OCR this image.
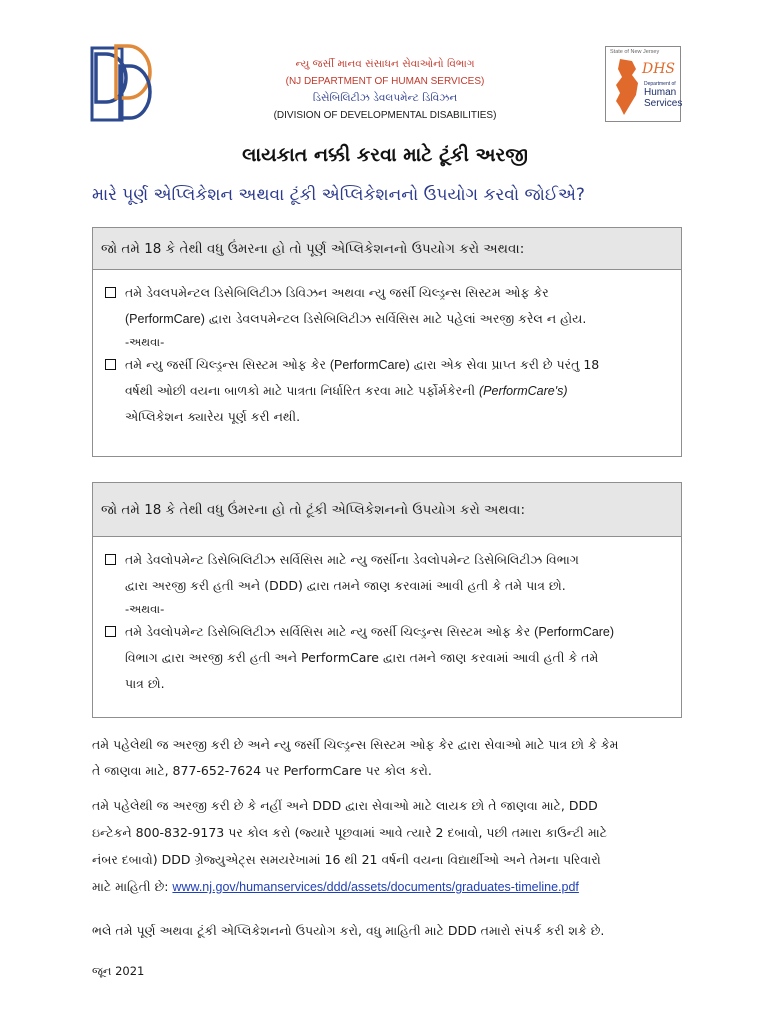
ન્યુ જર્સી માનવ સંસાધન સેવાઓનો વિભાગ
(NJ DEPARTMENT OF HUMAN SERVICES)
ડિસેબિલિટીઝ ડેવલપમેન્ટ ડિવિઝન
(DIVISION OF DEVELOPMENTAL DISABILITIES)
State of New Jersey
DHS
Department of
Human
Services
લાયકાત નક્કી કરવા માટે ટૂંકી અરજી
મારે પૂર્ણ એપ્લિકેશન અથવા ટૂંકી એપ્લિકેશનનો ઉપયોગ કરવો જોઈએ?
જો તમે 18 કે તેથી વધુ ઉંમરના હો તો પૂર્ણ એપ્લિકેશનનો ઉપયોગ કરો અથવા:
તમે ડેવલપમેન્ટલ ડિસેબિલિટીઝ ડિવિઝન અથવા ન્યુ જર્સી ચિલ્ડ્રન્સ સિસ્ટમ ઓફ કેર
(PerformCare) દ્વારા ડેવલપમેન્ટલ ડિસેબિલિટીઝ સર્વિસિસ માટે પહેલાં અરજી કરેલ ન હોય.
-અથવા-
તમે ન્યુ જર્સી ચિલ્ડ્રન્સ સિસ્ટમ ઓફ કેર (PerformCare) દ્વારા એક સેવા પ્રાપ્ત કરી છે પરંતુ 18
વર્ષથી ઓછી વયના બાળકો માટે પાત્રતા નિર્ધારિત કરવા માટે પર્ફોર્મકેરની (PerformCare's)
એપ્લિકેશન ક્યારેય પૂર્ણ કરી નથી.
જો તમે 18 કે તેથી વધુ ઉંમરના હો તો ટૂંકી એપ્લિકેશનનો ઉપયોગ કરો અથવા:
તમે ડેવલોપમેન્ટ ડિસેબિલિટીઝ સર્વિસિસ માટે ન્યુ જર્સીના ડેવલોપમેન્ટ ડિસેબિલિટીઝ વિભાગ
દ્વારા અરજી કરી હતી અને (DDD) દ્વારા તમને જાણ કરવામાં આવી હતી કે તમે પાત્ર છો.
-અથવા-
તમે ડેવલોપમેન્ટ ડિસેબિલિટીઝ સર્વિસિસ માટે ન્યુ જર્સી ચિલ્ડ્રન્સ સિસ્ટમ ઓફ કેર (PerformCare)
વિભાગ દ્વારા અરજી કરી હતી અને PerformCare દ્વારા તમને જાણ કરવામાં આવી હતી કે તમે
પાત્ર છો.
તમે પહેલેથી જ અરજી કરી છે અને ન્યુ જર્સી ચિલ્ડ્રન્સ સિસ્ટમ ઓફ કેર દ્વારા સેવાઓ માટે પાત્ર છો કે કેમ
તે જાણવા માટે, 877-652-7624 પર PerformCare પર કોલ કરો.
તમે પહેલેથી જ અરજી કરી છે કે નહીં અને DDD દ્વારા સેવાઓ માટે લાયક છો તે જાણવા માટે, DDD
ઇન્ટેકને 800-832-9173 પર કોલ કરો (જ્યારે પૂછવામાં આવે ત્યારે 2 દબાવો, પછી તમારા કાઉન્ટી માટે
નંબર દબાવો) DDD ગ્રેજ્યુએટ્સ સમયરેખામાં 16 થી 21 વર્ષની વયના વિદ્યાર્થીઓ અને તેમના પરિવારો
માટે માહિતી છે: www.nj.gov/humanservices/ddd/assets/documents/graduates-timeline.pdf
ભલે તમે પૂર્ણ અથવા ટૂંકી એપ્લિકેશનનો ઉપયોગ કરો, વધુ માહિતી માટે DDD તમારો સંપર્ક કરી શકે છે.
જૂન 2021
